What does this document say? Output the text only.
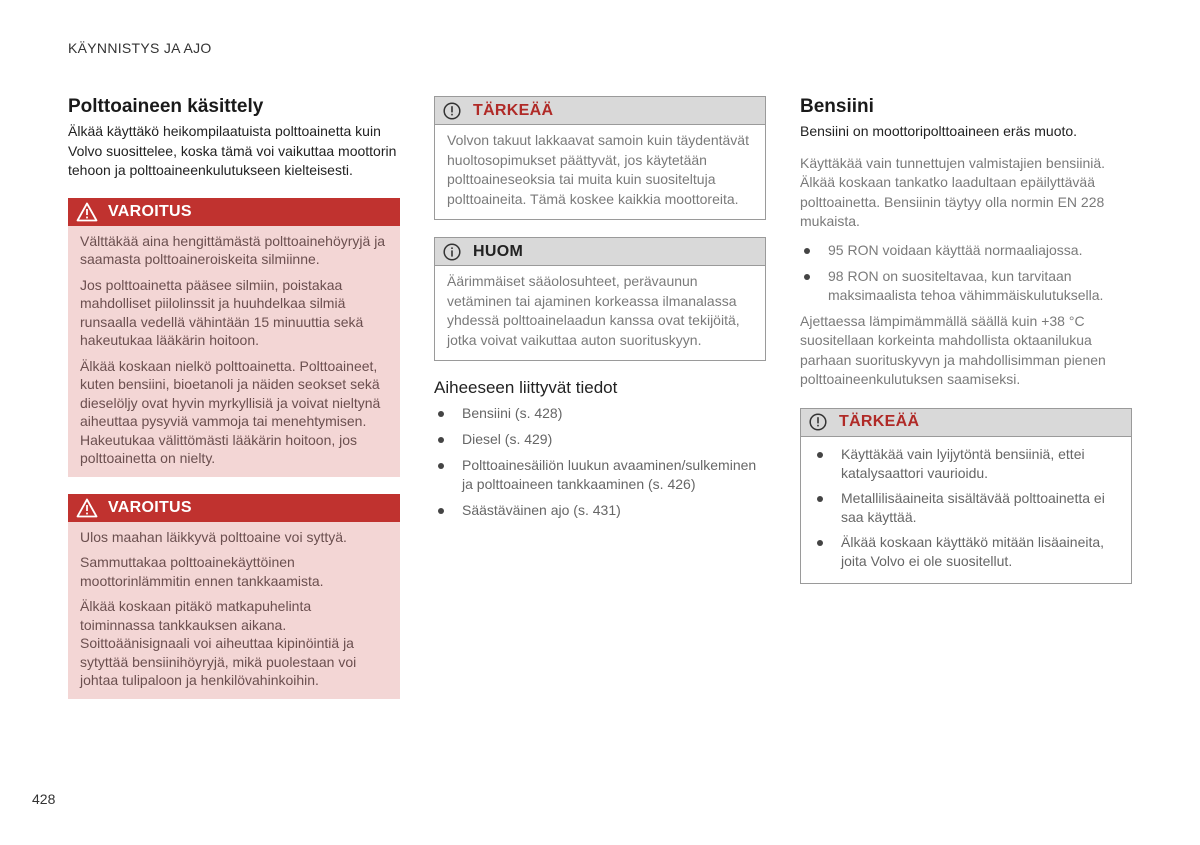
KÄYNNISTYS JA AJO
Polttoaineen käsittely

Älkää käyttäkö heikompilaatuista polttoainetta kuin Volvo suosittelee, koska tämä voi vaikuttaa moottorin tehoon ja polttoaineenkulutukseen kielteisesti.

VAROITUS

Välttäkää aina hengittämästä polttoainehöyryjä ja saamasta polttoaineroiskeita silmiinne.

Jos polttoainetta pääsee silmiin, poistakaa mahdolliset piilolinssit ja huuhdelkaa silmiä runsaalla vedellä vähintään 15 minuuttia sekä hakeutukaa lääkärin hoitoon.

Älkää koskaan nielkö polttoainetta. Polttoaineet, kuten bensiini, bioetanoli ja näiden seokset sekä dieselöljy ovat hyvin myrkyllisiä ja voivat nieltynä aiheuttaa pysyviä vammoja tai menehtymisen. Hakeutukaa välittömästi lääkärin hoitoon, jos polttoainetta on nielty.

VAROITUS

Ulos maahan läikkyvä polttoaine voi syttyä.

Sammuttakaa polttoainekäyttöinen moottorinlämmitin ennen tankkaamista.

Älkää koskaan pitäkö matkapuhelinta toiminnassa tankkauksen aikana. Soittoäänisignaali voi aiheuttaa kipinöintiä ja sytyttää bensiinihöyryjä, mikä puolestaan voi johtaa tulipaloon ja henkilövahinkoihin.

TÄRKEÄÄ

Volvon takuut lakkaavat samoin kuin täydentävät huoltosopimukset päättyvät, jos käytetään polttoaineseoksia tai muita kuin suositeltuja polttoaineita. Tämä koskee kaikkia moottoreita.

HUOM

Äärimmäiset sääolosuhteet, perävaunun vetäminen tai ajaminen korkeassa ilmanalassa yhdessä polttoainelaadun kanssa ovat tekijöitä, jotka voivat vaikuttaa auton suorituskyyn.

Aiheeseen liittyvät tiedot
Bensiini (s. 428)
Diesel (s. 429)
Polttoainesäiliön luukun avaaminen/sulkeminen ja polttoaineen tankkaaminen (s. 426)
Säästäväinen ajo (s. 431)
Bensiini

Bensiini on moottoripolttoaineen eräs muoto.

Käyttäkää vain tunnettujen valmistajien bensiiniä. Älkää koskaan tankatko laadultaan epäilyttävää polttoainetta. Bensiinin täytyy olla normin EN 228 mukaista.

95 RON voidaan käyttää normaaliajossa.
98 RON on suositeltavaa, kun tarvitaan maksimaalista tehoa vähimmäiskulutuksella.

Ajettaessa lämpimämmällä säällä kuin +38 °C suositellaan korkeinta mahdollista oktaanilukua parhaan suorituskyvyn ja mahdollisimman pienen polttoaineenkulutuksen saamiseksi.

TÄRKEÄÄ
Käyttäkää vain lyijytöntä bensiiniä, ettei katalysaattori vaurioidu.
Metallilisäaineita sisältävää polttoainetta ei saa käyttää.
Älkää koskaan käyttäkö mitään lisäaineita, joita Volvo ei ole suositellut.
428
